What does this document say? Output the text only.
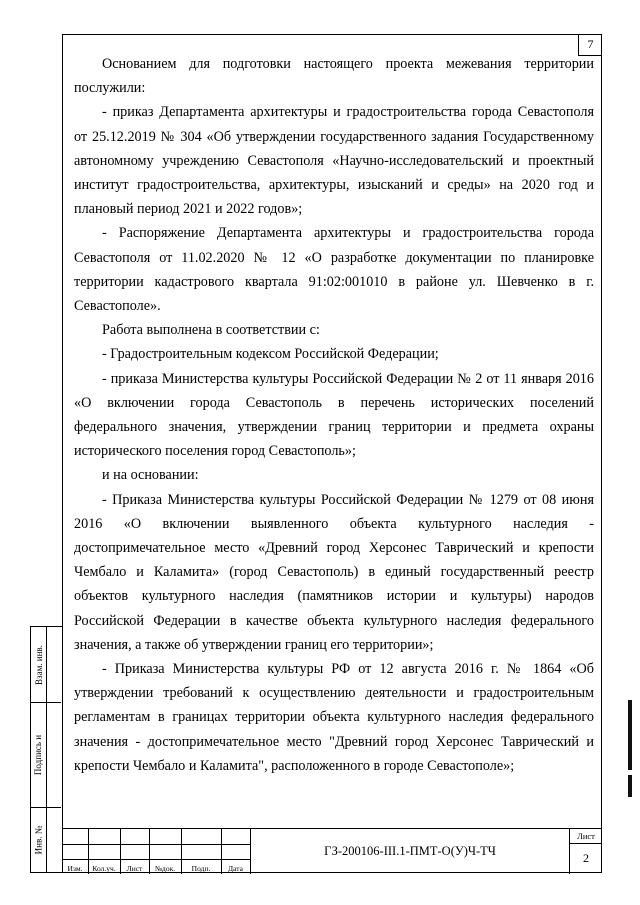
7

Основанием для подготовки настоящего проекта межевания территории послужили:

- приказ Департамента архитектуры и градостроительства города Севастополя от 25.12.2019 № 304 «Об утверждении государственного задания Государственному автономному учреждению Севастополя «Научно-исследовательский и проектный институт градостроительства, архитектуры, изысканий и среды» на 2020 год и плановый период 2021 и 2022 годов»;

- Распоряжение Департамента архитектуры и градостроительства города Севастополя от 11.02.2020 № 12 «О разработке документации по планировке территории кадастрового квартала 91:02:001010 в районе ул. Шевченко в г. Севастополе».

Работа выполнена в соответствии с:

- Градостроительным кодексом Российской Федерации;

- приказа Министерства культуры Российской Федерации № 2 от 11 января 2016 «О включении города Севастополь в перечень исторических поселений федерального значения, утверждении границ территории и предмета охраны исторического поселения город Севастополь»;

и на основании:

- Приказа Министерства культуры Российской Федерации № 1279 от 08 июня 2016 «О включении выявленного объекта культурного наследия - достопримечательное место «Древний город Херсонес Таврический и крепости Чембало и Каламита» (город Севастополь) в единый государственный реестр объектов культурного наследия (памятников истории и культуры) народов Российской Федерации в качестве объекта культурного наследия федерального значения, а также об утверждении границ его территории»;

- Приказа Министерства культуры РФ от 12 августа 2016 г. № 1864 «Об утверждении требований к осуществлению деятельности и градостроительным регламентам в границах территории объекта культурного наследия федерального значения - достопримечательное место "Древний город Херсонес Таврический и крепости Чембало и Каламита", расположенного в городе Севастополе»;

Взам. инв.
Подпись и
Инв. №
Изм.	Кол.уч.	Лист	№док.	Подп.	Дата
ГЗ-200106-III.1-ПМТ-О(У)Ч-ТЧ
Лист
2
